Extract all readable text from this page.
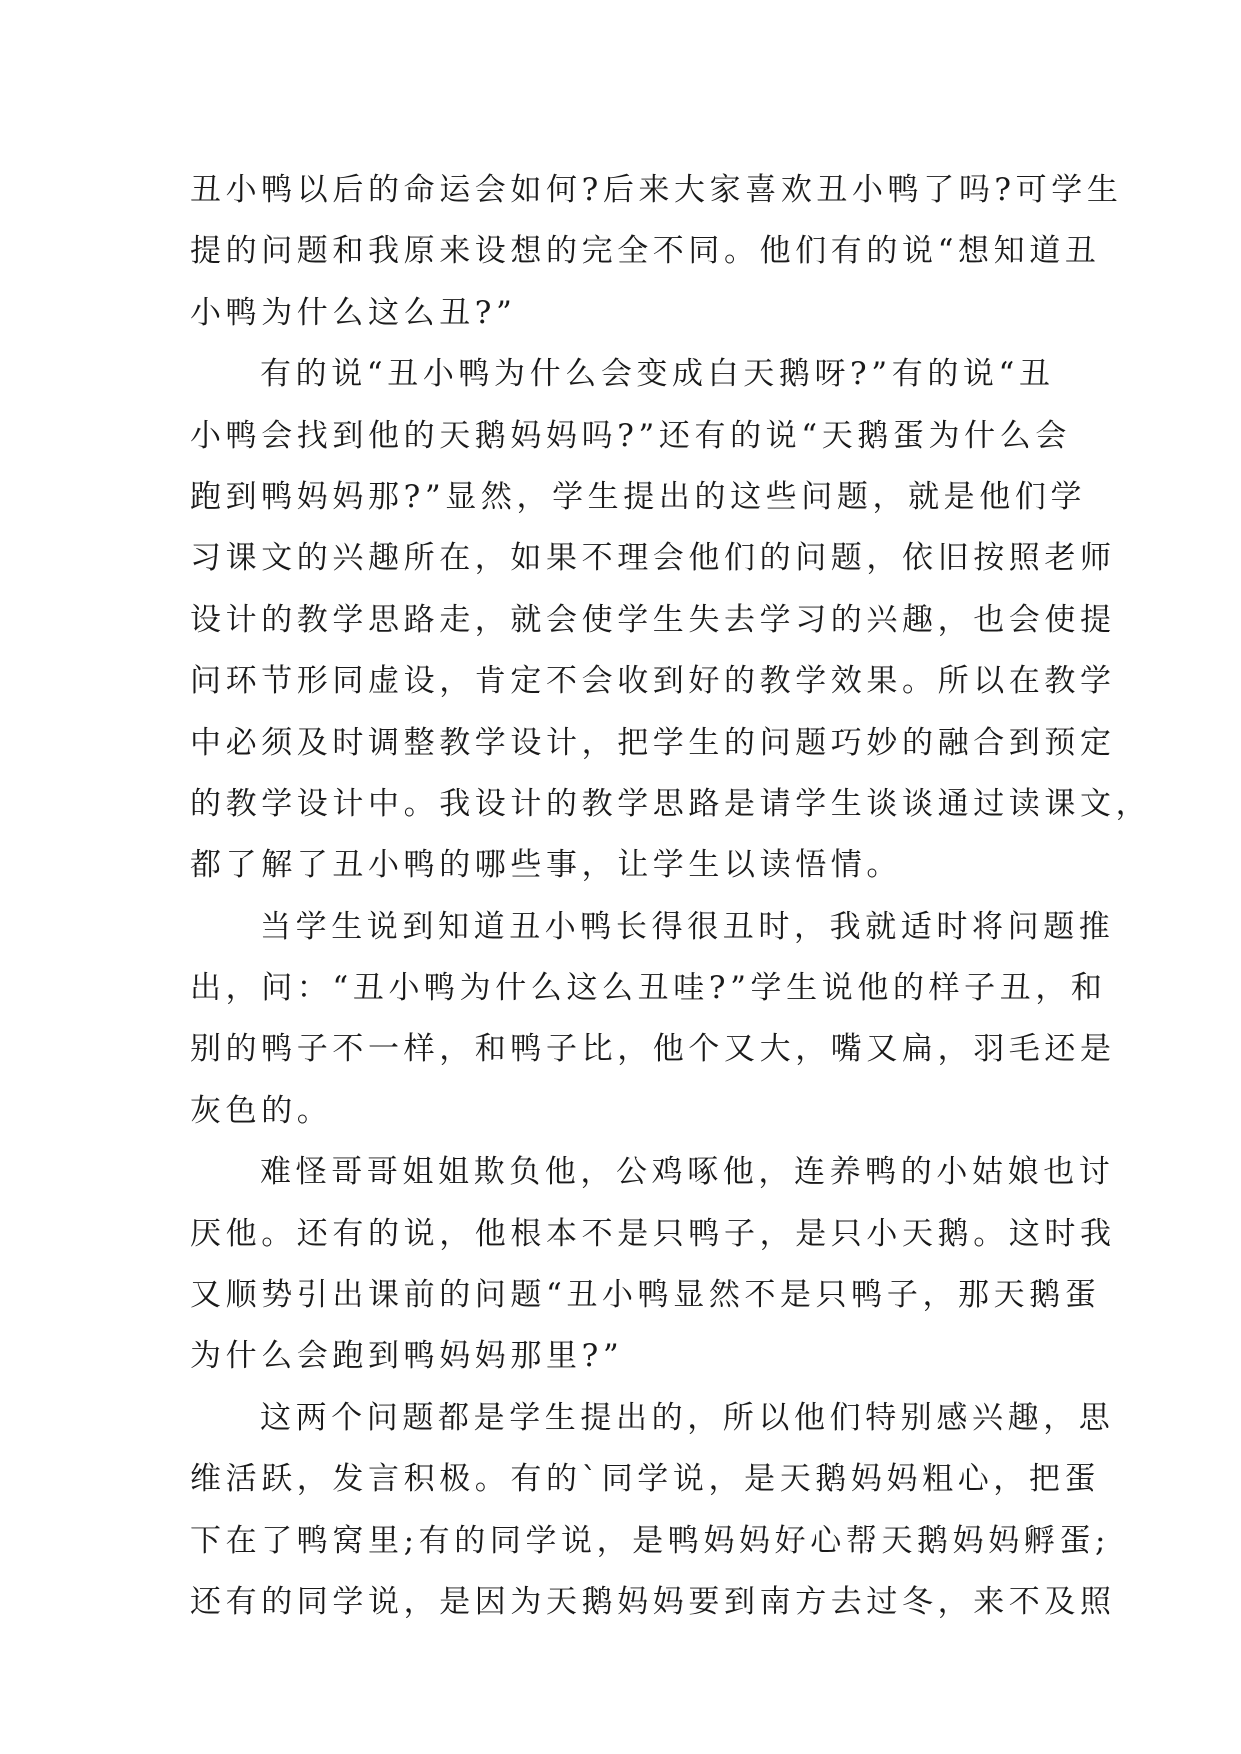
丑小鸭以后的命运会如何?后来大家喜欢丑小鸭了吗?可学生
提的问题和我原来设想的完全不同。他们有的说“想知道丑
小鸭为什么这么丑?”
有的说“丑小鸭为什么会变成白天鹅呀?”有的说“丑
小鸭会找到他的天鹅妈妈吗?”还有的说“天鹅蛋为什么会
跑到鸭妈妈那?”显然，学生提出的这些问题，就是他们学
习课文的兴趣所在，如果不理会他们的问题，依旧按照老师
设计的教学思路走，就会使学生失去学习的兴趣，也会使提
问环节形同虚设，肯定不会收到好的教学效果。所以在教学
中必须及时调整教学设计，把学生的问题巧妙的融合到预定
的教学设计中。我设计的教学思路是请学生谈谈通过读课文，
都了解了丑小鸭的哪些事，让学生以读悟情。
当学生说到知道丑小鸭长得很丑时，我就适时将问题推
出，问：“丑小鸭为什么这么丑哇?”学生说他的样子丑，和
别的鸭子不一样，和鸭子比，他个又大，嘴又扁，羽毛还是
灰色的。
难怪哥哥姐姐欺负他，公鸡啄他，连养鸭的小姑娘也讨
厌他。还有的说，他根本不是只鸭子，是只小天鹅。这时我
又顺势引出课前的问题“丑小鸭显然不是只鸭子，那天鹅蛋
为什么会跑到鸭妈妈那里?”
这两个问题都是学生提出的，所以他们特别感兴趣，思
维活跃，发言积极。有的`同学说，是天鹅妈妈粗心，把蛋
下在了鸭窝里;有的同学说，是鸭妈妈好心帮天鹅妈妈孵蛋;
还有的同学说，是因为天鹅妈妈要到南方去过冬，来不及照
